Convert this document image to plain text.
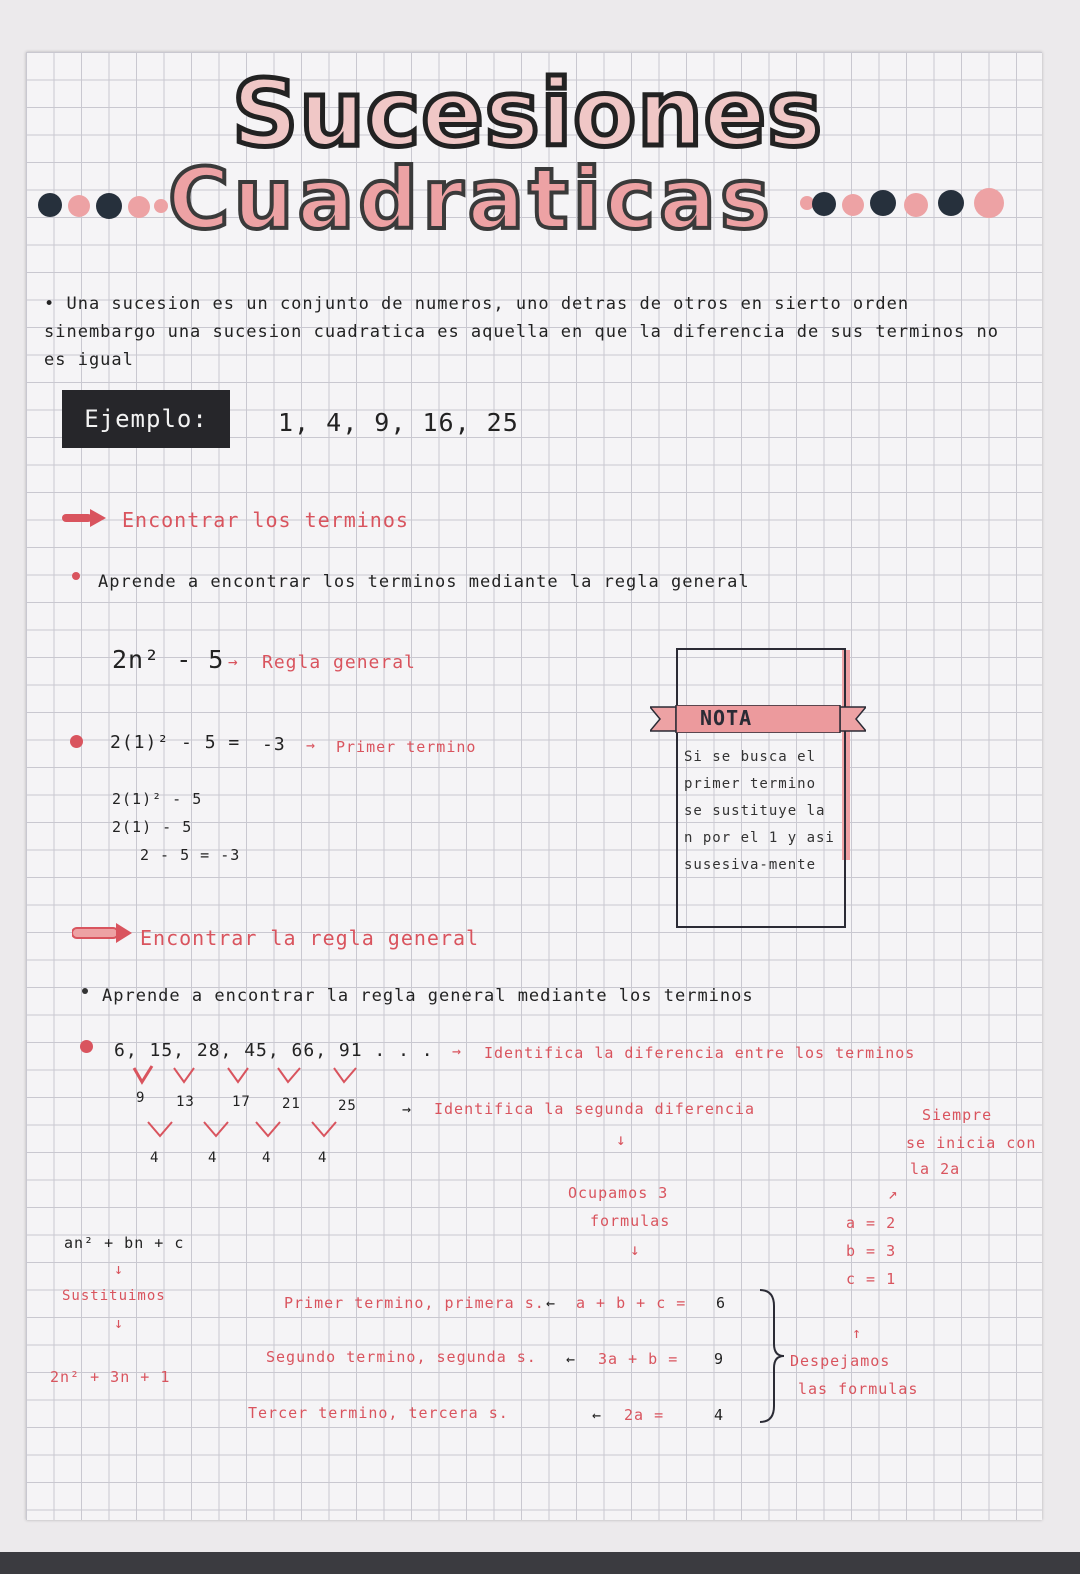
Sucesiones
Cuadraticas
• Una sucesion es un conjunto de numeros, uno detras de otros en sierto orden sinembargo una sucesion cuadratica es aquella en que la diferencia de sus terminos no es igual
Ejemplo:	1, 4, 9, 16, 25
Encontrar los terminos
Aprende a encontrar los terminos mediante la regla general
2n² - 5 → Regla general
2(1)² - 5 = -3 → Primer termino
2(1)² - 5
2(1) - 5
2 - 5 = -3
NOTA
Si se busca el primer termino se sustituye la n por el 1 y asi susesiva-mente
Encontrar la regla general
Aprende a encontrar la regla general mediante los terminos
6, 15, 28, 45, 66, 91 . . . → Identifica la diferencia entre los terminos
9 13	17 21	25	→ Identifica la segunda diferencia
4	4	4	4
↓
Siempre
se inicia con
la 2a
↗
Ocupamos 3
formulas
↓
a = 2
b = 3
c = 1
↑
an² + bn + c
↓
Sustituimos
↓
2n² + 3n + 1
Primer termino, primera s. ← a + b + c = 6
Segundo termino, segunda s. ← 3a + b = 9
Tercer termino, tercera s.	← 2a =	4
Despejamos
las formulas
